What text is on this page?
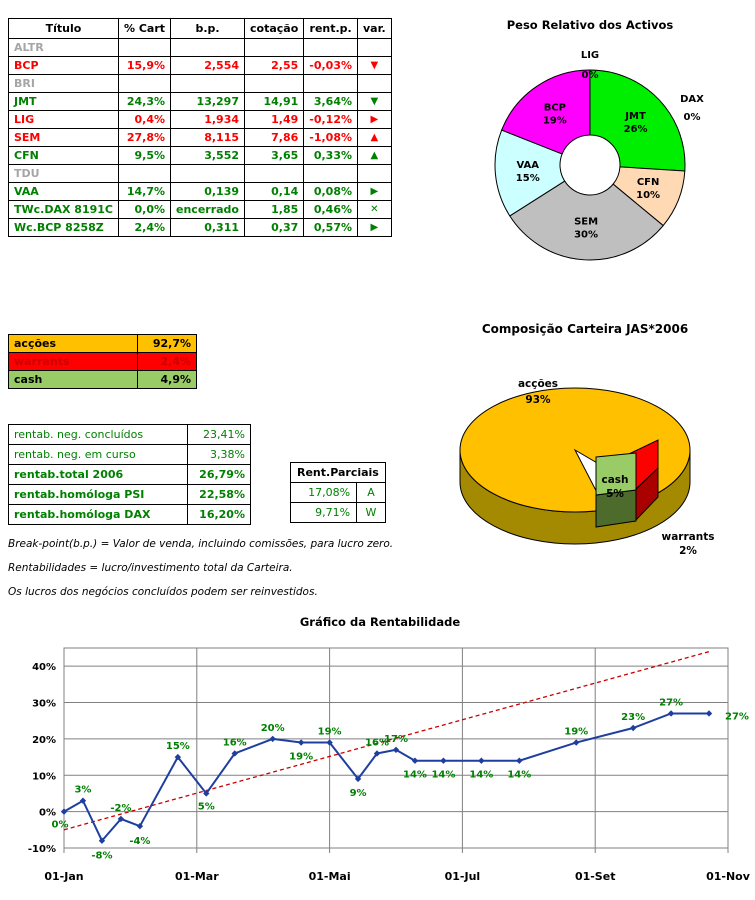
Título	% Cart	b.p.	cotação	rent.p.	var.
ALTR					
BCP	15,9%	2,554	2,55	-0,03%	▼
BRI					
JMT	24,3%	13,297	14,91	3,64%	▼
LIG	0,4%	1,934	1,49	-0,12%	▶
SEM	27,8%	8,115	7,86	-1,08%	▲
CFN	9,5%	3,552	3,65	0,33%	▲
TDU					
VAA	14,7%	0,139	0,14	0,08%	▶
TWc.DAX 8191C	0,0%	encerrado	1,85	0,46%	✕
Wc.BCP 8258Z	2,4%	0,311	0,37	0,57%	▶
acções	92,7%
warrants	2,4%
cash	4,9%
rentab. neg. concluídos	23,41%
rentab. neg. em curso	3,38%
rentab.total 2006	26,79%
rentab.homóloga PSI	22,58%
rentab.homóloga DAX	16,20%
Rent.Parciais	
17,08%	A
9,71%	W
Break-point(b.p.) = Valor de venda, incluindo comissões, para lucro zero.
Rentabilidades = lucro/investimento total da Carteira.
Os lucros dos negócios concluídos podem ser reinvestidos.
Peso Relativo dos Activos
JMT
26%
CFN
10%
SEM
30%
VAA
15%
BCP
19%
LIG
0%
DAX
0%
Composição Carteira JAS*2006
acções
93%
cash
5%
warrants
2%
Gráfico da Rentabilidade
-10%
0%
10%
20%
30%
40%
01-Jan	01-Mar	01-Mai	01-Jul	01-Set	01-Nov
0%
3%
-8%
-2%
-4%
15%
5%
16%
20%
19%
19%
9%
16%
17%
14% 14% 14% 14%
19%
23%
27%
27%
